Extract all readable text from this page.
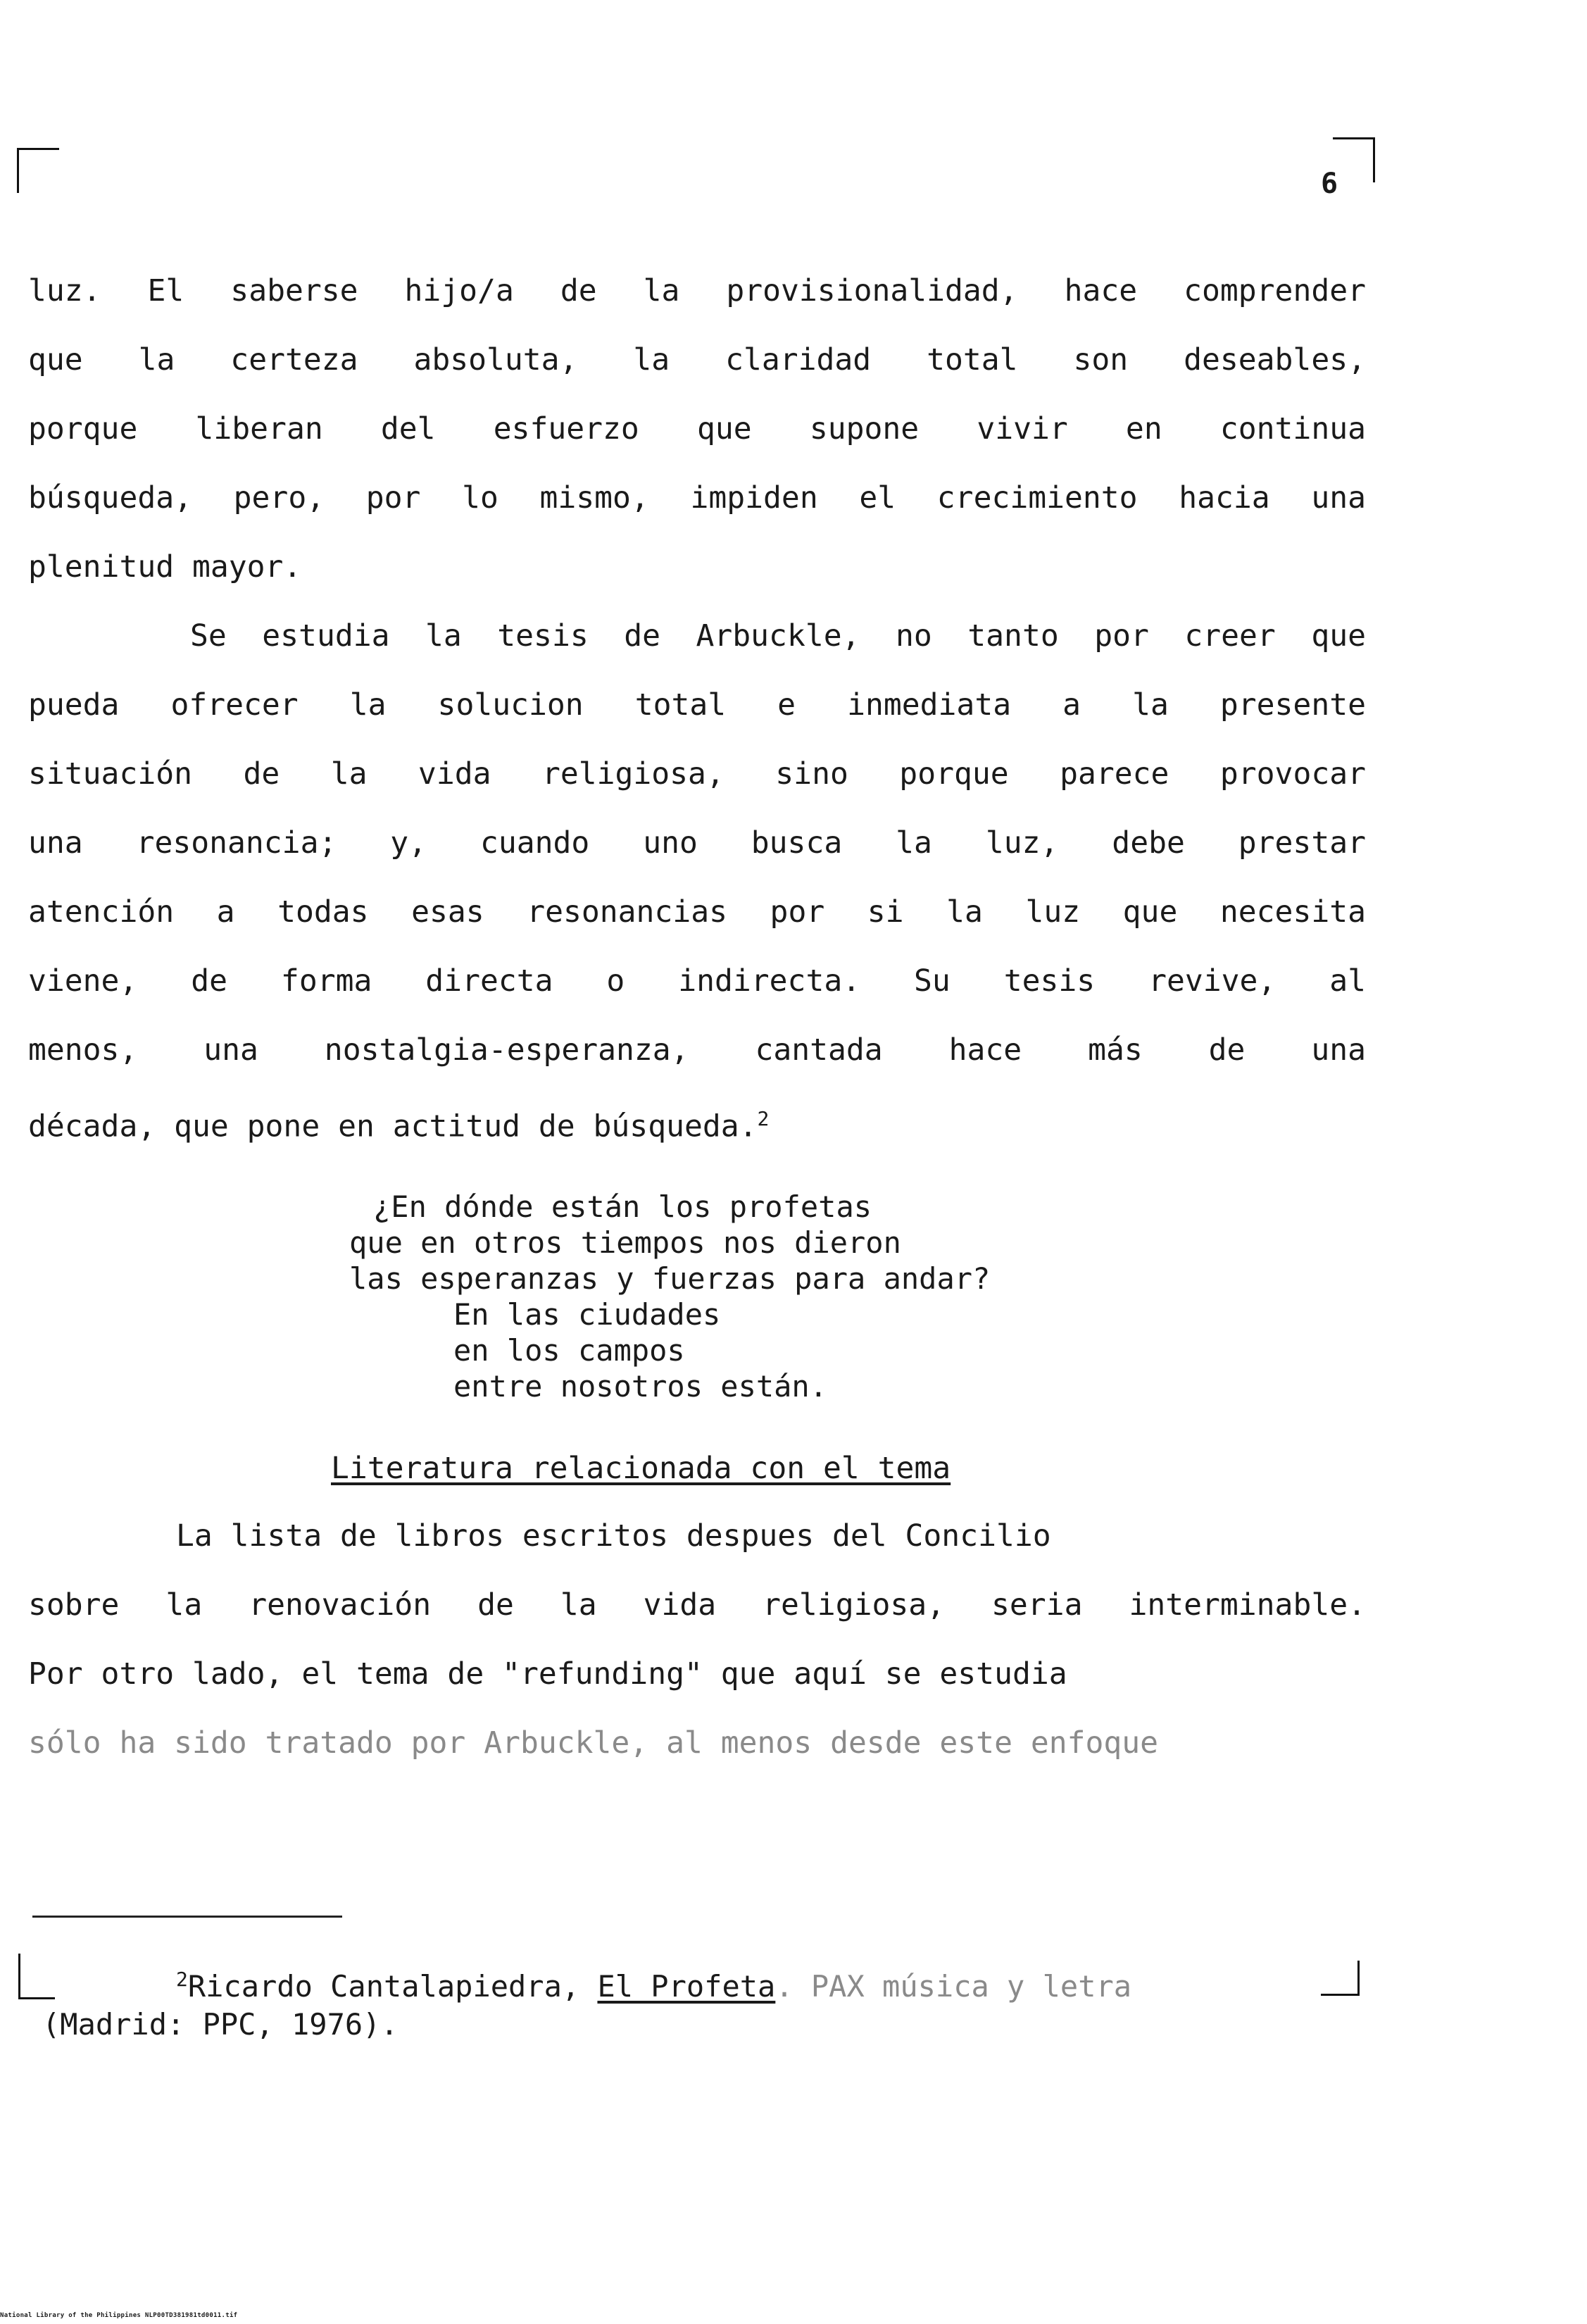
6
luz. El saberse hijo/a de la provisionalidad, hace comprender
que la certeza absoluta, la claridad total son deseables,
porque liberan del esfuerzo que supone vivir en continua
búsqueda, pero, por lo mismo, impiden el crecimiento hacia una
plenitud mayor.
Se estudia la tesis de Arbuckle, no tanto por creer que
pueda ofrecer la solucion total e inmediata a la presente
situación de la vida religiosa, sino porque parece provocar
una resonancia; y, cuando uno busca la luz, debe prestar
atención a todas esas resonancias por si la luz que necesita
viene, de forma directa o indirecta. Su tesis revive, al
menos, una nostalgia-esperanza, cantada hace más de una
década, que pone en actitud de búsqueda.$^2$
¿En dónde están los profetas
que en otros tiempos nos dieron
las esperanzas y fuerzas para andar?
En las ciudades
en los campos
entre nosotros están.
Literatura relacionada con el tema
La lista de libros escritos despues del Concilio
sobre la renovación de la vida religiosa, seria interminable.
Por otro lado, el tema de "refunding" que aquí se estudia
sólo ha sido tratado por Arbuckle, al menos desde este enfoque
$^2$Ricardo Cantalapiedra, El Profeta. PAX música y letra
(Madrid: PPC, 1976).
National Library of the Philippines NLP00TD381981td0011.tif
